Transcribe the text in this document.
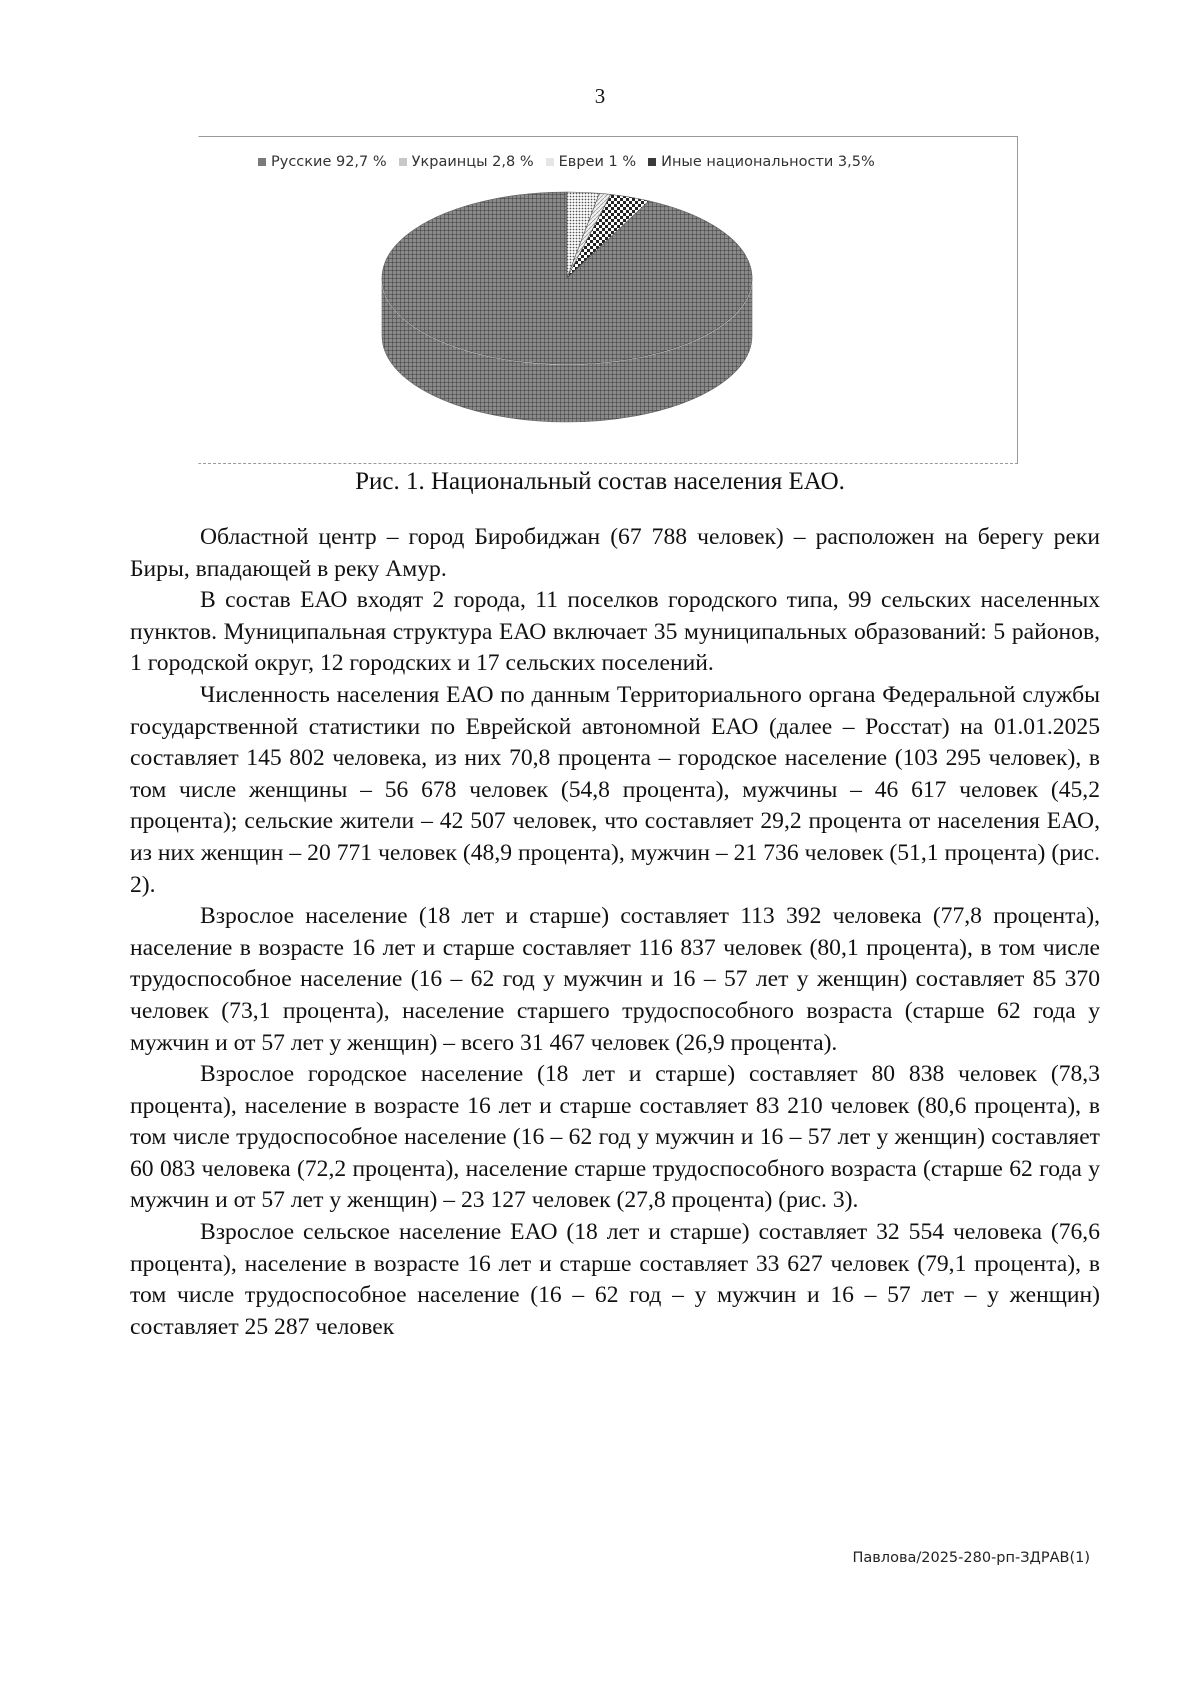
3
Русские 92,7 % Украинцы 2,8 % Евреи 1 % Иные национальности 3,5%
Рис. 1. Национальный состав населения ЕАО.

Областной центр – город Биробиджан (67 788 человек) – расположен на берегу реки Биры, впадающей в реку Амур.

В состав ЕАО входят 2 города, 11 поселков городского типа, 99 сельских населенных пунктов. Муниципальная структура ЕАО включает 35 муниципальных образований: 5 районов, 1 городской округ, 12 городских и 17 сельских поселений.

Численность населения ЕАО по данным Территориального органа Федеральной службы государственной статистики по Еврейской автономной ЕАО (далее – Росстат) на 01.01.2025 составляет 145 802 человека, из них 70,8 процента – городское население (103 295 человек), в том числе женщины – 56 678 человек (54,8 процента), мужчины – 46 617 человек (45,2 процента); сельские жители – 42 507 человек, что составляет 29,2 процента от населения ЕАО, из них женщин – 20 771 человек (48,9 процента), мужчин – 21 736 человек (51,1 процента) (рис. 2).

Взрослое население (18 лет и старше) составляет 113 392 человека (77,8 процента), население в возрасте 16 лет и старше составляет 116 837 человек (80,1 процента), в том числе трудоспособное население (16 – 62 год у мужчин и 16 – 57 лет у женщин) составляет 85 370 человек (73,1 процента), население старшего трудоспособного возраста (старше 62 года у мужчин и от 57 лет у женщин) – всего 31 467 человек (26,9 процента).

Взрослое городское население (18 лет и старше) составляет 80 838 человек (78,3 процента), население в возрасте 16 лет и старше составляет 83 210 человек (80,6 процента), в том числе трудоспособное население (16 – 62 год у мужчин и 16 – 57 лет у женщин) составляет 60 083 человека (72,2 процента), население старше трудоспособного возраста (старше 62 года у мужчин и от 57 лет у женщин) – 23 127 человек (27,8 процента) (рис. 3).

Взрослое сельское население ЕАО (18 лет и старше) составляет 32 554 человека (76,6 процента), население в возрасте 16 лет и старше составляет 33 627 человек (79,1 процента), в том числе трудоспособное население (16 – 62 год – у мужчин и 16 – 57 лет – у женщин) составляет 25 287 человек

Павлова/2025-280-рп-ЗДРАВ(1)
